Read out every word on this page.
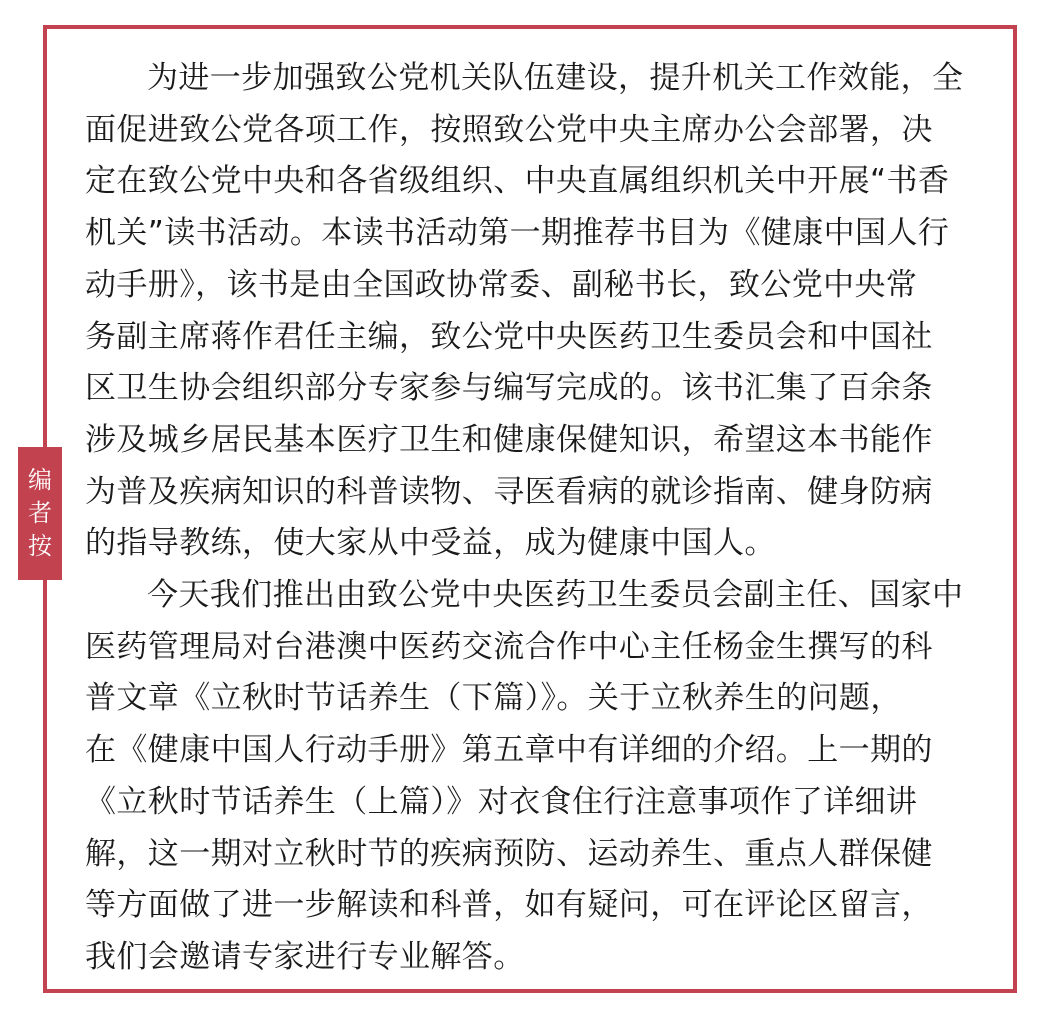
编
者
按

为进一步加强致公党机关队伍建设，提升机关工作效能，全
面促进致公党各项工作，按照致公党中央主席办公会部署，决
定在致公党中央和各省级组织、中央直属组织机关中开展“书香
机关”读书活动。本读书活动第一期推荐书目为《健康中国人行
动手册》，该书是由全国政协常委、副秘书长，致公党中央常
务副主席蒋作君任主编，致公党中央医药卫生委员会和中国社
区卫生协会组织部分专家参与编写完成的。该书汇集了百余条
涉及城乡居民基本医疗卫生和健康保健知识，希望这本书能作
为普及疾病知识的科普读物、寻医看病的就诊指南、健身防病
的指导教练，使大家从中受益，成为健康中国人。

今天我们推出由致公党中央医药卫生委员会副主任、国家中
医药管理局对台港澳中医药交流合作中心主任杨金生撰写的科
普文章《立秋时节话养生（下篇）》。关于立秋养生的问题，
在《健康中国人行动手册》第五章中有详细的介绍。上一期的
《立秋时节话养生（上篇）》对衣食住行注意事项作了详细讲
解，这一期对立秋时节的疾病预防、运动养生、重点人群保健
等方面做了进一步解读和科普，如有疑问，可在评论区留言，
我们会邀请专家进行专业解答。
